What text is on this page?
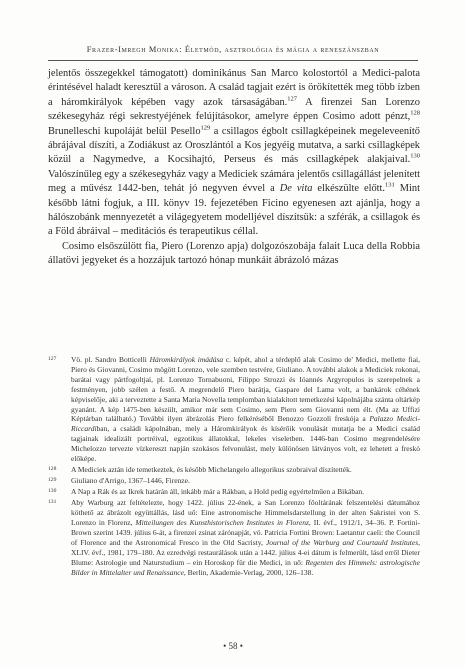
Frazer-Imregh Monika: Életmód, asztrológia és mágia a reneszánszban

jelentős összegekkel támogatott) dominikánus San Marco kolostortól a Medici-palota érintésével haladt keresztül a városon. A család tagjait ezért is örökítették meg több ízben a háromkirályok képében vagy azok társaságában.$^{127}$ A firenzei San Lorenzo székesegyház régi sekrestyéjének felújításokor, amelyre éppen Cosimo adott pénzt,$^{128}$ Brunelleschi kupoláját belül Pesello$^{129}$ a csillagos égbolt csillagképeinek megeleveenítő ábrájával díszíti, a Zodiákust az Oroszlántól a Kos jegyéig mutatva, a sarki csillagképek közül a Nagymedve, a Kocsihajtó, Perseus és más csillagképek alakjaival.$^{130}$ Valószínűleg egy a székesegyház vagy a Mediciek számára jelentős csillagállást jelenített meg a művész 1442-ben, tehát jó negyven évvel a De vita elkészülte előtt.$^{131}$ Mint később látni fogjuk, a III. könyv 19. fejezetében Ficino egyenesen azt ajánlja, hogy a hálószobánk mennyezetét a világegyetem modelljével díszítsük: a szférák, a csillagok és a Föld ábráival – meditációs és terapeutikus céllal.

Cosimo elsőszülött fia, Piero (Lorenzo apja) dolgozószobája falait Luca della Robbia állatövi jegyeket és a hozzájuk tartozó hónap munkáit ábrázoló mázas

127 Vö. pl. Sandro Botticelli Háromkirályok imádása c. képét, ahol a térdeplő alak Cosimo de' Medici, mellette fiai, Piero és Giovanni, Cosimo mögött Lorenzo, vele szemben testvére, Giuliano. A további alakok a Mediciek rokonai, barátai vagy pártfogoltjai, pl. Lorenzo Tornabuoni, Filippo Strozzi és Ióannés Argyropulos is szerepelnek a festményen, jobb szélen a festő. A megrendelő Piero barátja, Gaspare del Lama volt, a bankárok céhének képviselője, aki a terveztette a Santa Maria Novella templomban kialakított temetkezési kápolnájába szánta oltárkép gyanánt. A kép 1475-ben készült, amikor már sem Cosimo, sem Piero sem Giovanni nem élt. (Ma az Uffizi Képtárban található.) További ilyen ábrázolás Piero felkéréséből Benozzo Gozzoli freskója a Palazzo Medici-Riccardiban, a családi kápolnában, mely a Háromkirályok és kísérőik vonulását mutatja be a Medici család tagjainak idealizált portréival, egzotikus állatokkal, lekeles viseletben. 1446-ban Cosimo megrendelésére Michelozzo tervezte vízkereszt napján szokásos felvonulást, mely különösen látványos volt, ez lehetett a freskó előképe.
128 A Mediciek aztán ide temetkeztek, és később Michelangelo allegorikus szobraival díszítették.
129 Giuliano d'Arrigo, 1367–1446, Firenze.
130 A Nap a Rák és az Ikrek határán áll, inkább már a Rákban, a Hold pedig egyértelműen a Bikában.
131 Aby Warburg azt feltételezte, hogy 1422. július 22-ének, a San Lorenzo főoltárának felszentelési dátumához köthető az ábrázolt együttállás, lásd uő: Eine astronomische Himmelsdarstellung in der alten Sakristei von S. Lorenzo in Florenz, Mitteilungen des Kunsthistorischen Institutes in Florenz, II. évf., 1912/1, 34–36. P. Fortini-Brown szerint 1439. július 6-át, a firenzei zsinat zárónapját, vö. Patricia Fortini Brown: Laetantur caeli: the Council of Florence and the Astronomical Fresco in the Old Sacristy, Journal of the Warburg and Courtauld Institutes, XLIV. évf., 1981, 179–180. Az ezredvégi restaurálások után a 1442. július 4-ei dátum is felmerült, lásd erről Dieter Blume: Astrologie und Naturstudium – ein Horoskop für die Medici, in uő: Regenten des Himmels: astrologische Bilder in Mittelalter und Renaissance, Berlin, Akademie-Verlag, 2000, 126–138.
• 58 •
